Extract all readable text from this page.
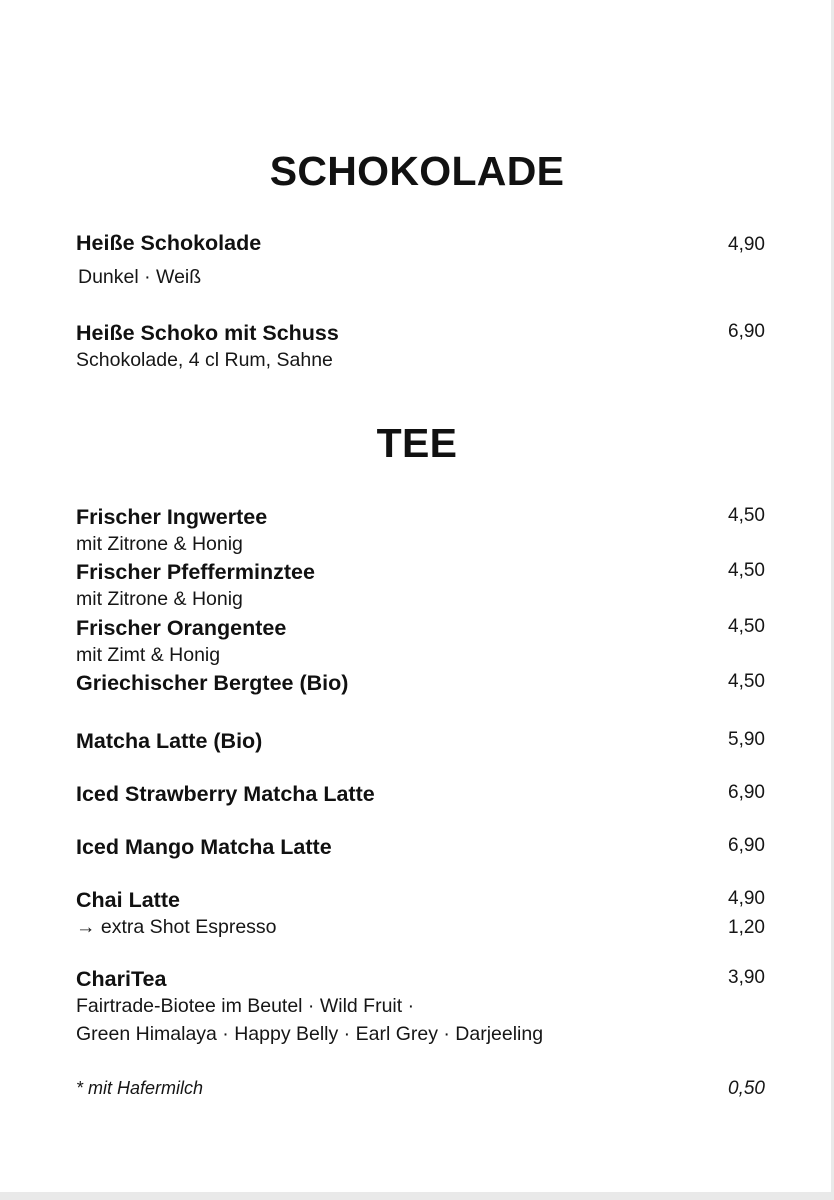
SCHOKOLADE
Heiße Schokolade	4,90
Dunkel · Weiß
Heiße Schoko mit Schuss	6,90
Schokolade, 4 cl Rum, Sahne
TEE
Frischer Ingwertee	4,50
mit Zitrone & Honig
Frischer Pfefferminztee	4,50
mit Zitrone & Honig
Frischer Orangentee	4,50
mit Zimt & Honig
Griechischer Bergtee (Bio)	4,50
Matcha Latte (Bio)	5,90
Iced Strawberry Matcha Latte	6,90
Iced Mango Matcha Latte	6,90
Chai Latte	4,90
→ extra Shot Espresso	1,20
ChariTea	3,90
Fairtrade-Biotee im Beutel · Wild Fruit ·
Green Himalaya · Happy Belly · Earl Grey · Darjeeling
* mit Hafermilch	0,50
